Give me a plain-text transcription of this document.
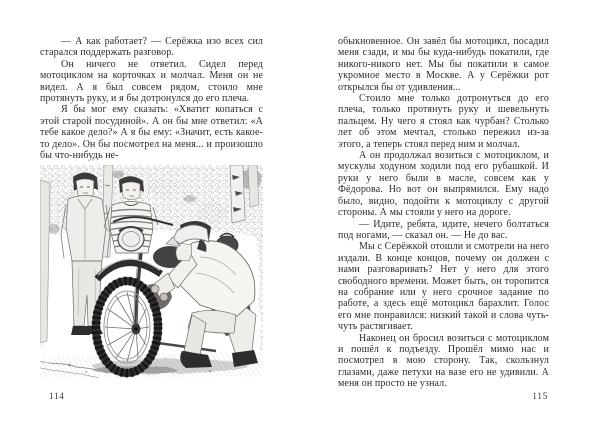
— А как работает? — Серёжка изо всех сил старался поддержать разговор.

Он ничего не ответил. Сидел перед мотоциклом на корточках и молчал. Меня он не видел. А я был совсем рядом, стоило мне протянуть руку, и я бы дотронулся до его плеча.

Я бы мог ему сказать: «Хватит копаться с этой старой посудиной». А он бы мне ответил: «А тебе какое дело?» А я бы ему: «Значит, есть какое-то дело». Он бы посмотрел на меня... и произошло бы что-нибудь не-

114

обыкновенное. Он завёл бы мотоцикл, посадил меня сзади, и мы бы куда-нибудь покатили, где никого-никого нет. Мы бы покатили в самое укромное место в Москве. А у Серёжки рот открылся бы от удивления...

Стоило мне только дотронуться до его плеча, только протянуть руку и шевельнуть пальцем. Ну чего я стоял как чурбан? Столько лет об этом мечтал, столько пережил из-за этого, а теперь стоял перед ним и молчал.

А он продолжал возиться с мотоциклом, и мускулы ходуном ходили под его рубашкой. И руки у него были в масле, совсем как у Фёдорова. Но вот он выпрямился. Ему надо было, видно, подойти к мотоциклу с другой стороны. А мы стояли у него на дороге.

— Идите, ребята, идите, нечего болтаться под ногами, — сказал он. — Не до вас.

Мы с Серёжкой отошли и смотрели на него издали. В конце концов, почему он должен с нами разговаривать? Нет у него для этого свободного времени. Может быть, он торопится на собрание или у него срочное задание по работе, а здесь ещё мотоцикл барахлит. Голос его мне понравился: низкий такой и слова чуть-чуть растягивает.

Наконец он бросил возиться с мотоциклом и пошёл к подъезду. Прошёл мимо нас и посмотрел в мою сторону. Так, скользнул глазами, даже петухи на вазе его не удивили. А меня он просто не узнал.

115
